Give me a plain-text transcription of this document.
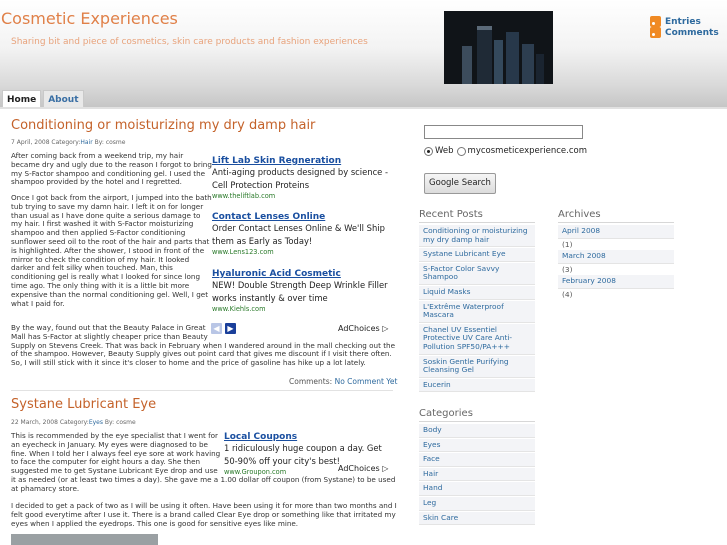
Cosmetic Experiences
Sharing bit and piece of cosmetics, skin care products and fashion experiences
Entries
Comments
Home	About
Conditioning or moisturizing my dry damp hair
7 April, 2008 Category:Hair By: cosme
After coming back from a weekend trip, my hair
became dry and ugly due to the reason I forgot to bring
my S-Factor shampoo and conditioning gel. I used the
shampoo provided by the hotel and I regretted.
Once I got back from the airport, I jumped into the bath
tub trying to save my damn hair. I left it on for longer
than usual as I have done quite a serious damage to
my hair. I first washed it with S-Factor moisturizing
shampoo and then applied S-Factor conditioning
sunflower seed oil to the root of the hair and parts that
is highlighted. After the shower, I stood in front of the
mirror to check the condition of my hair. It looked
darker and felt silky when touched. Man, this
conditioning gel is really what I looked for since long
time ago. The only thing with it is a little bit more
expensive than the normal conditioning gel. Well, I get
what I paid for.
By the way, found out that the Beauty Palace in Great
Mall has S-Factor at slightly cheaper price than Beauty
Supply on Stevens Creek. That was back in February when I wandered around in the mall checking out the
of the shampoo. However, Beauty Supply gives out point card that gives me discount if I visit there often.
So, I will still stick with it since it's closer to home and the price of gasoline has hike up a lot lately.
Lift Lab Skin Regneration
Anti-aging products designed by science - Cell Protection Proteins
www.theliftlab.com
Contact Lenses Online
Order Contact Lenses Online & We'll Ship them as Early as Today!
www.Lens123.com
Hyaluronic Acid Cosmetic
NEW! Double Strength Deep Wrinkle Filler works instantly & over time
www.Kiehls.com
◀ ▶	AdChoices ▷
Comments: No Comment Yet
Systane Lubricant Eye
22 March, 2008 Category:Eyes By: cosme
This is recommended by the eye specialist that I went for
an eyecheck in January. My eyes were diagnosed to be
fine. When I told her I always feel eye sore at work having
to face the computer for eight hours a day. She then
suggested me to get Systane Lubricant Eye drop and use
it as needed (or at least two times a day). She gave me a 1.00 dollar off coupon (from Systane) to be used
at phamarcy store.
I decided to get a pack of two as I will be using it often. Have been using it for more than two months and I
felt good everytime after I use it. There is a brand called Clear Eye drop or something like that irritated my
eyes when I applied the eyedrops. This one is good for sensitive eyes like mine.
Local Coupons
1 ridiculously huge coupon a day. Get 50-90% off your city's best!
www.Groupon.com	AdChoices ▷
Web mycosmeticexperience.com
Google Search
Recent Posts
Conditioning or moisturizing my dry damp hair
Systane Lubricant Eye
S-Factor Color Savvy Shampoo
Liquid Masks
L'Extrême Waterproof Mascara
Chanel UV Essentiel Protective UV Care Anti-Pollution SPF50/PA+++
Soskin Gentle Purifying Cleansing Gel
Eucerin
Archives
April 2008
(1)
March 2008
(3)
February 2008
(4)
Categories
Body
Eyes
Face
Hair
Hand
Leg
Skin Care
